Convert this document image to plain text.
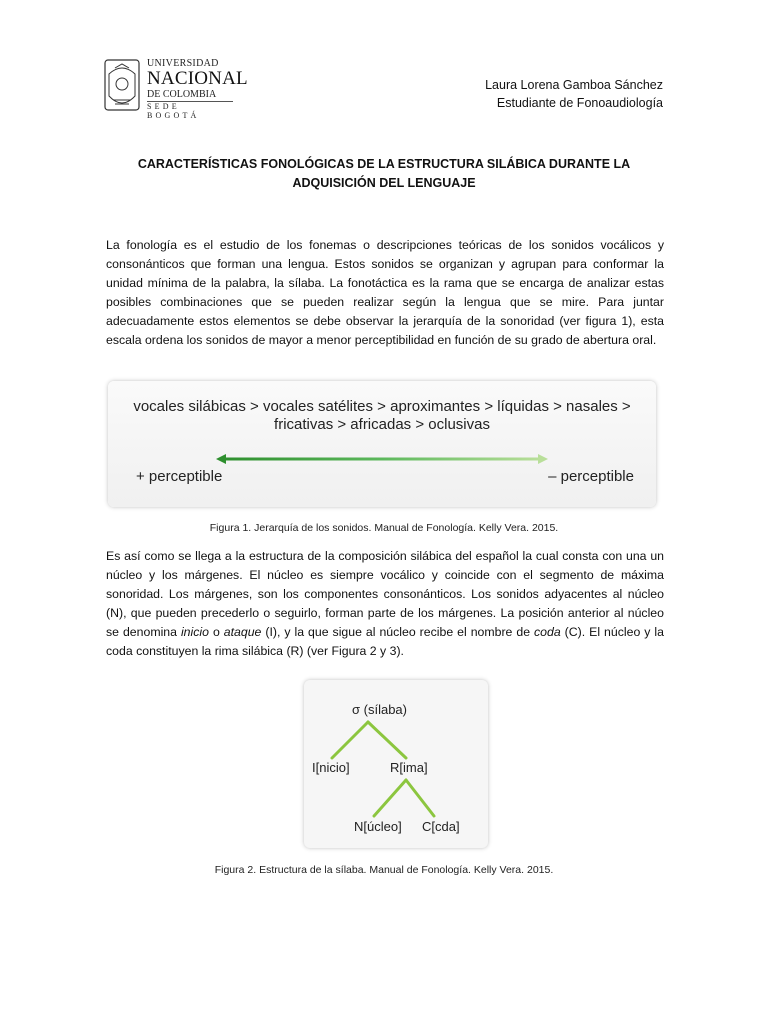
UNIVERSIDAD
NACIONAL
DE COLOMBIA
SEDE BOGOTÁ
Laura Lorena Gamboa Sánchez
Estudiante de Fonoaudiología
CARACTERÍSTICAS FONOLÓGICAS DE LA ESTRUCTURA SILÁBICA DURANTE LA ADQUISICIÓN DEL LENGUAJE
La fonología es el estudio de los fonemas o descripciones teóricas de los sonidos vocálicos y consonánticos que forman una lengua. Estos sonidos se organizan y agrupan para conformar la unidad mínima de la palabra, la sílaba. La fonotáctica es la rama que se encarga de analizar estas posibles combinaciones que se pueden realizar según la lengua que se mire. Para juntar adecuadamente estos elementos se debe observar la jerarquía de la sonoridad (ver figura 1), esta escala ordena los sonidos de mayor a menor perceptibilidad en función de su grado de abertura oral.
vocales silábicas > vocales satélites > aproximantes > líquidas > nasales >
fricativas > africadas > oclusivas
+ perceptible	– perceptible
Figura 1. Jerarquía de los sonidos. Manual de Fonología. Kelly Vera. 2015.
Es así como se llega a la estructura de la composición silábica del español la cual consta con una un núcleo y los márgenes. El núcleo es siempre vocálico y coincide con el segmento de máxima sonoridad. Los márgenes, son los componentes consonánticos. Los sonidos adyacentes al núcleo (N), que pueden precederlo o seguirlo, forman parte de los márgenes. La posición anterior al núcleo se denomina inicio o ataque (I), y la que sigue al núcleo recibe el nombre de coda (C). El núcleo y la coda constituyen la rima silábica (R) (ver Figura 2 y 3).
σ (sílaba)
I[nicio]	R[ima]
N[úcleo] C[cda]
Figura 2. Estructura de la sílaba. Manual de Fonología. Kelly Vera. 2015.
